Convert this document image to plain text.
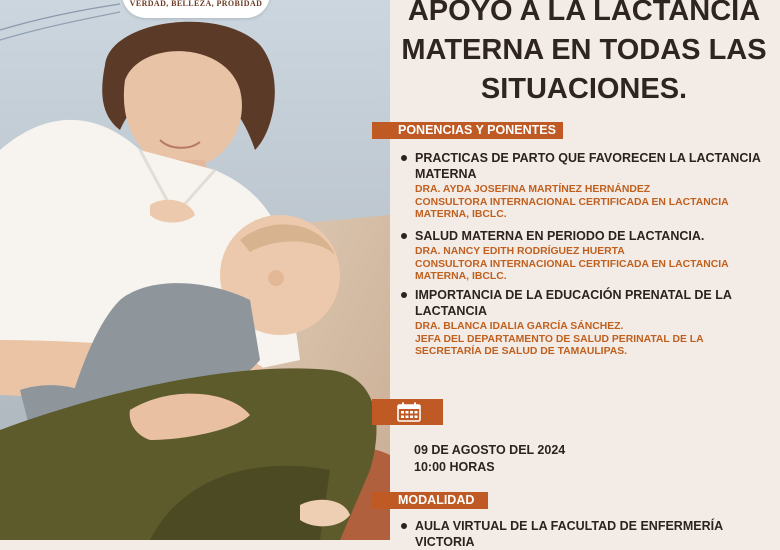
VERDAD, BELLEZA, PROBIDAD	APOYO A LA LACTANCIA MATERNA EN TODAS LAS SITUACIONES.
PONENCIAS Y PONENTES
PRACTICAS DE PARTO QUE FAVORECEN LA LACTANCIA MATERNA
DRA. AYDA JOSEFINA MARTÍNEZ HERNÁNDEZ
CONSULTORA INTERNACIONAL CERTIFICADA EN LACTANCIA MATERNA, IBCLC.
SALUD MATERNA EN PERIODO DE LACTANCIA.
DRA. NANCY EDITH RODRÍGUEZ HUERTA
CONSULTORA INTERNACIONAL CERTIFICADA EN LACTANCIA MATERNA, IBCLC.
IMPORTANCIA DE LA EDUCACIÓN PRENATAL DE LA LACTANCIA
DRA. BLANCA IDALIA GARCÍA SÁNCHEZ.
JEFA DEL DEPARTAMENTO DE SALUD PERINATAL DE LA SECRETARÍA DE SALUD DE TAMAULIPAS.
09 DE AGOSTO DEL 2024
10:00 HORAS
MODALIDAD
AULA VIRTUAL DE LA FACULTAD DE ENFERMERÍA VICTORIA
